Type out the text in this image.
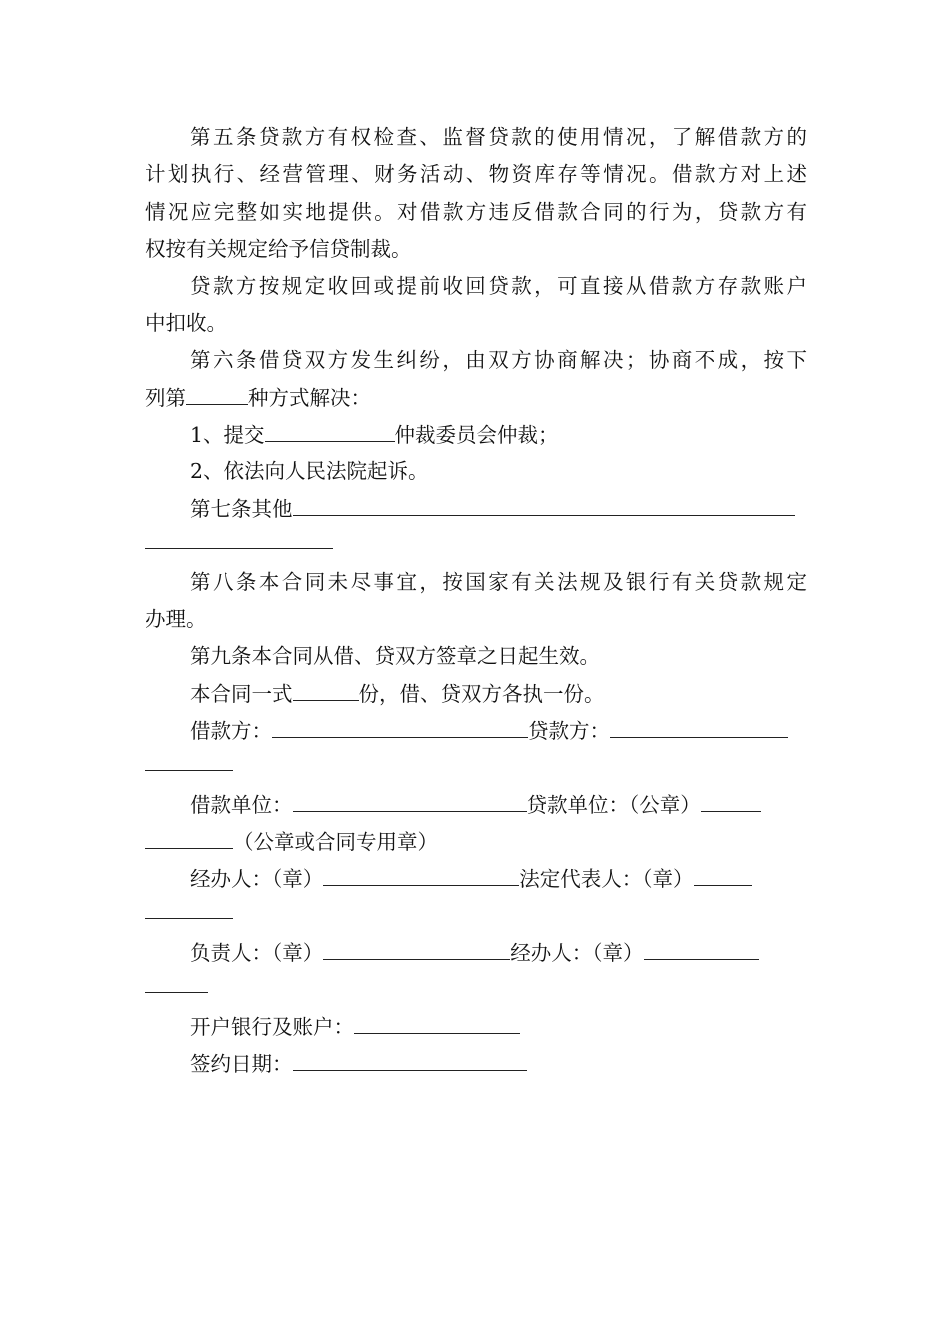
第五条贷款方有权检查、监督贷款的使用情况，了解借款方的
计划执行、经营管理、财务活动、物资库存等情况。借款方对上述
情况应完整如实地提供。对借款方违反借款合同的行为，贷款方有
权按有关规定给予信贷制裁。
贷款方按规定收回或提前收回贷款，可直接从借款方存款账户
中扣收。
第六条借贷双方发生纠纷，由双方协商解决；协商不成，按下
列第	种方式解决：
1、提交	仲裁委员会仲裁；
2、依法向人民法院起诉。
第七条其他
第八条本合同未尽事宜，按国家有关法规及银行有关贷款规定
办理。
第九条本合同从借、贷双方签章之日起生效。
本合同一式	份，借、贷双方各执一份。
借款方：	贷款方：
借款单位：	贷款单位：（公章）
（公章或合同专用章）
经办人：（章）	法定代表人：（章）
负责人：（章）	经办人：（章）
开户银行及账户：
签约日期：
